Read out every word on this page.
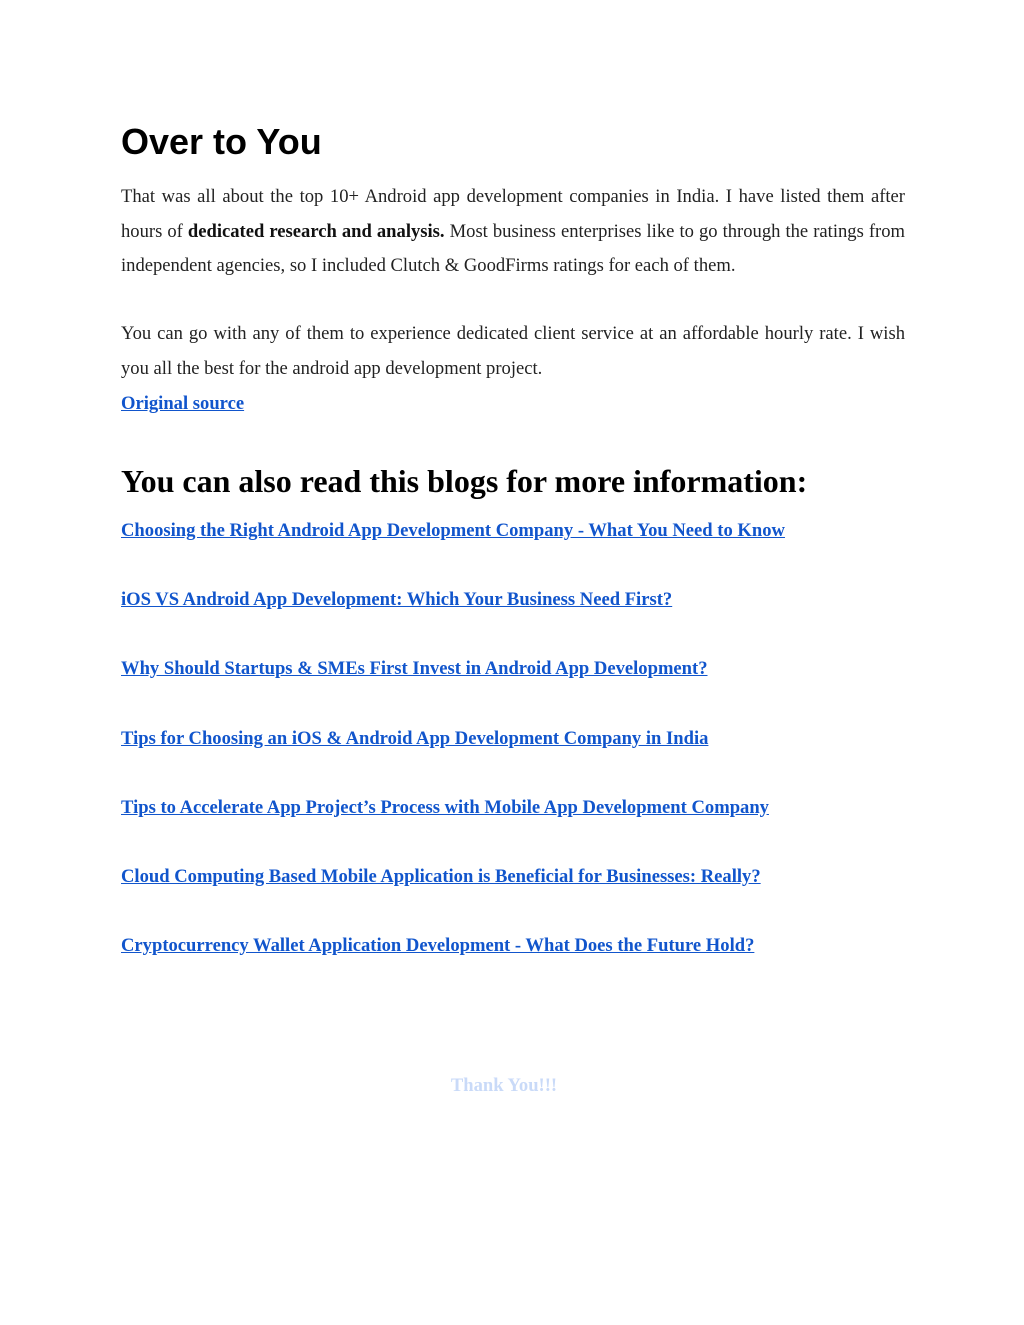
Over to You

That was all about the top 10+ Android app development companies in India. I have listed them after hours of dedicated research and analysis. Most business enterprises like to go through the ratings from independent agencies, so I included Clutch & GoodFirms ratings for each of them.

You can go with any of them to experience dedicated client service at an affordable hourly rate. I wish you all the best for the android app development project.

Original source
You can also read this blogs for more information:
Choosing the Right Android App Development Company - What You Need to Know
iOS VS Android App Development: Which Your Business Need First?
Why Should Startups & SMEs First Invest in Android App Development?
Tips for Choosing an iOS & Android App Development Company in India
Tips to Accelerate App Project’s Process with Mobile App Development Company
Cloud Computing Based Mobile Application is Beneficial for Businesses: Really?
Cryptocurrency Wallet Application Development - What Does the Future Hold?
Thank You!!!
